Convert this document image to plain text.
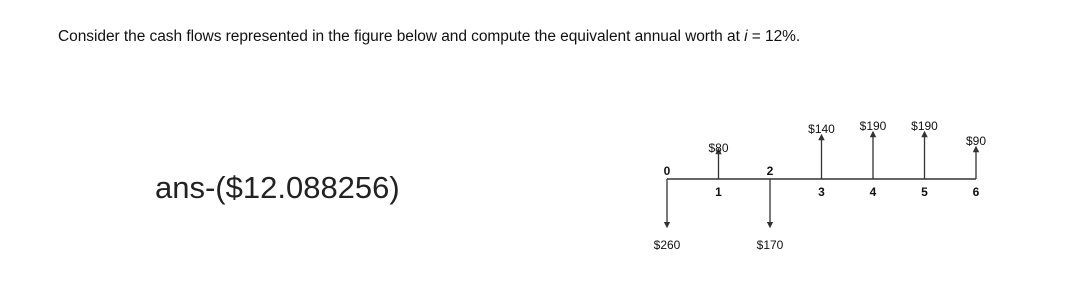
Consider the cash flows represented in the figure below and compute the equivalent annual worth at i = 12%.
ans-($12.088256)	0
1
2
3	4	5	6
$260
$80
$170
$140 $190 $190
$90
